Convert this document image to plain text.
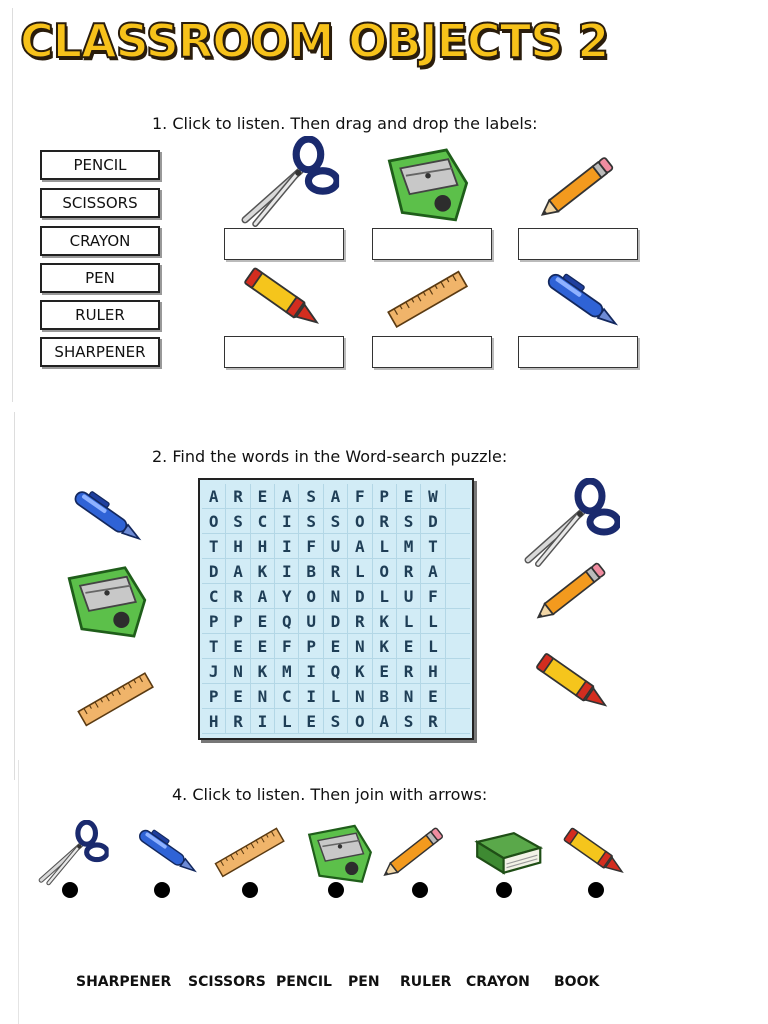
CLASSROOM OBJECTS 2
1. Click to listen. Then drag and drop the labels:
PENCIL
SCISSORS
CRAYON
PEN
RULER
SHARPENER
2. Find the words in the Word-search puzzle:
A R E A S A F P E W
O S C I S S O R S D
T H H I F U A L M T
D A K I B R L O R A
C R A Y O N D L U F
P P E Q U D R K L L
T E E F P E N K E L
J N K M I Q K E R H
P E N C I L N B N E
H R I L E S O A S R
4. Click to listen. Then join with arrows:
SHARPENER SCISSORS PENCIL PEN RULER CRAYON BOOK
